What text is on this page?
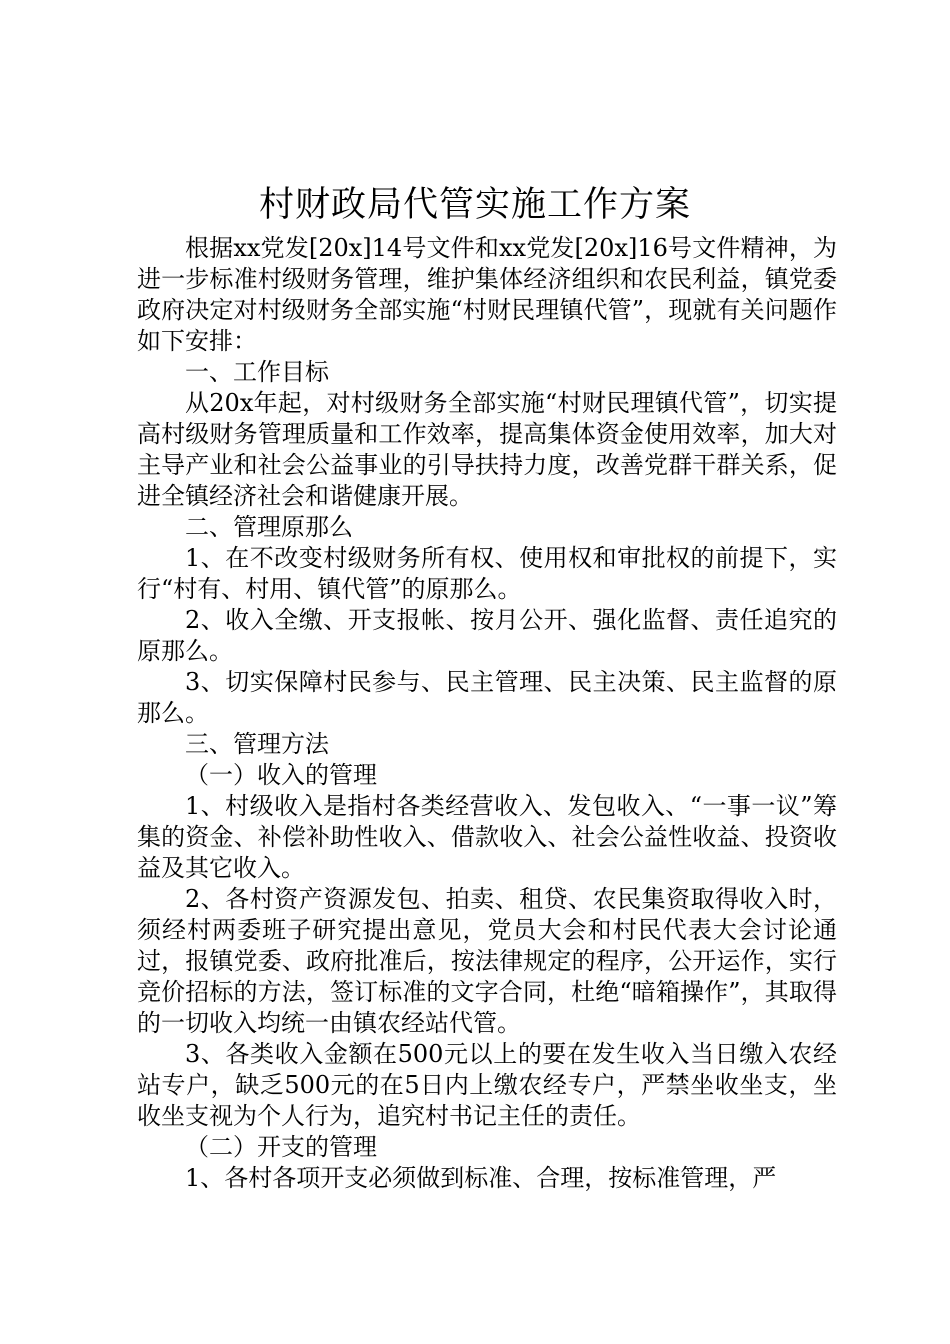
村财政局代管实施工作方案

根据xx党发[20x]14号文件和xx党发[20x]16号文件精神，为进一步标准村级财务管理，维护集体经济组织和农民利益，镇党委政府决定对村级财务全部实施“村财民理镇代管”，现就有关问题作如下安排：

一、工作目标

从20x年起，对村级财务全部实施“村财民理镇代管”，切实提高村级财务管理质量和工作效率，提高集体资金使用效率，加大对主导产业和社会公益事业的引导扶持力度，改善党群干群关系，促进全镇经济社会和谐健康开展。

二、管理原那么

1、在不改变村级财务所有权、使用权和审批权的前提下，实行“村有、村用、镇代管”的原那么。

2、收入全缴、开支报帐、按月公开、强化监督、责任追究的原那么。

3、切实保障村民参与、民主管理、民主决策、民主监督的原那么。

三、管理方法

（一）收入的管理

1、村级收入是指村各类经营收入、发包收入、“一事一议”筹集的资金、补偿补助性收入、借款收入、社会公益性收益、投资收益及其它收入。

2、各村资产资源发包、拍卖、租贷、农民集资取得收入时，须经村两委班子研究提出意见，党员大会和村民代表大会讨论通过，报镇党委、政府批准后，按法律规定的程序，公开运作，实行竞价招标的方法，签订标准的文字合同，杜绝“暗箱操作”，其取得的一切收入均统一由镇农经站代管。

3、各类收入金额在500元以上的要在发生收入当日缴入农经站专户，缺乏500元的在5日内上缴农经专户，严禁坐收坐支，坐收坐支视为个人行为，追究村书记主任的责任。

（二）开支的管理

1、各村各项开支必须做到标准、合理，按标准管理，严
